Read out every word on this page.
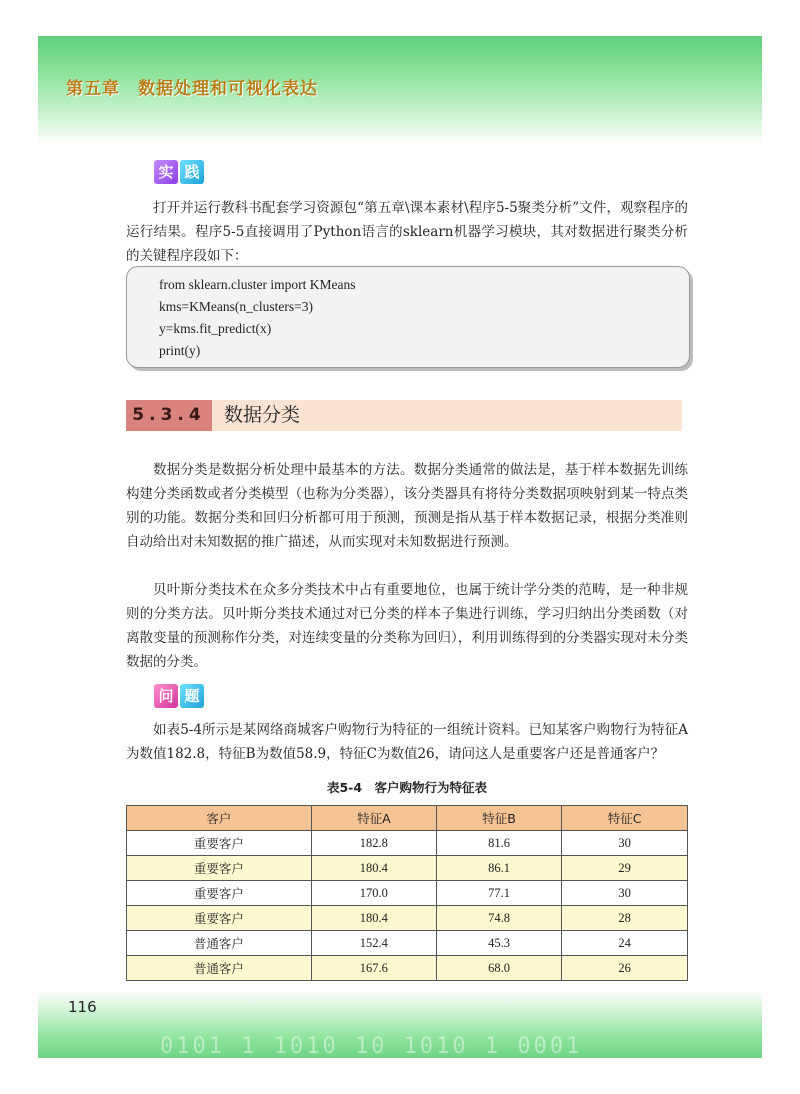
第五章　数据处理和可视化表达
实 践

打开并运行教科书配套学习资源包“第五章\课本素材\程序5-5聚类分析”文件，观察程序的运行结果。程序5-5直接调用了Python语言的sklearn机器学习模块，其对数据进行聚类分析的关键程序段如下：

from sklearn.cluster import KMeans
kms=KMeans(n_clusters=3)
y=kms.fit_predict(x)
print(y)
5.3.4 数据分类

数据分类是数据分析处理中最基本的方法。数据分类通常的做法是，基于样本数据先训练构建分类函数或者分类模型（也称为分类器），该分类器具有将待分类数据项映射到某一特点类别的功能。数据分类和回归分析都可用于预测，预测是指从基于样本数据记录，根据分类准则自动给出对未知数据的推广描述，从而实现对未知数据进行预测。

贝叶斯分类技术在众多分类技术中占有重要地位，也属于统计学分类的范畴，是一种非规则的分类方法。贝叶斯分类技术通过对已分类的样本子集进行训练，学习归纳出分类函数（对离散变量的预测称作分类，对连续变量的分类称为回归），利用训练得到的分类器实现对未分类数据的分类。

问 题

如表5-4所示是某网络商城客户购物行为特征的一组统计资料。已知某客户购物行为特征A为数值182.8，特征B为数值58.9，特征C为数值26，请问这人是重要客户还是普通客户？

表5-4　客户购物行为特征表
客户	特征A	特征B	特征C
重要客户	182.8	81.6	30
重要客户	180.4	86.1	29
重要客户	170.0	77.1	30
重要客户	180.4	74.8	28
普通客户	152.4	45.3	24
普通客户	167.6	68.0	26
0101 1 1010 10 1010 1 0001
116
